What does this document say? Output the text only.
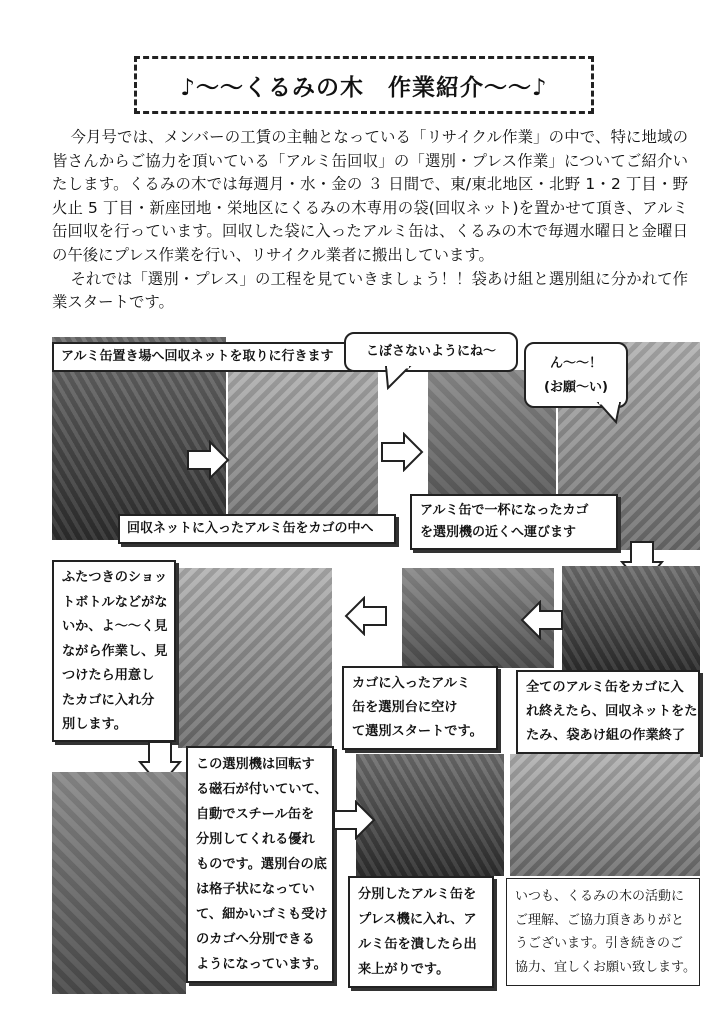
♪～～くるみの木　作業紹介～～♪

今月号では、メンバーの工賃の主軸となっている「リサイクル作業」の中で、特に地域の皆さんからご協力を頂いている「アルミ缶回収」の「選別・プレス作業」についてご紹介いたします。くるみの木では毎週月・水・金の ３ 日間で、東/東北地区・北野 1・2 丁目・野火止 5 丁目・新座団地・栄地区にくるみの木専用の袋(回収ネット)を置かせて頂き、アルミ缶回収を行っています。回収した袋に入ったアルミ缶は、くるみの木で毎週水曜日と金曜日の午後にプレス作業を行い、リサイクル業者に搬出しています。

それでは「選別・プレス」の工程を見ていきましょう！！袋あけ組と選別組に分かれて作業スタートです。

アルミ缶置き場へ回収ネットを取りに行きます	こぼさないようにね～
ん～～！
(お願～い)
回収ネットに入ったアルミ缶をカゴの中へ
アルミ缶で一杯になったカゴ
を選別機の近くへ運びます
ふたつきのショッ
トボトルなどがな
いか、よ～～く見
ながら作業し、見
つけたら用意し
たカゴに入れ分
別します。
カゴに入ったアルミ
缶を選別台に空け
て選別スタートです。
全てのアルミ缶をカゴに入
れ終えたら、回収ネットをた
たみ、袋あけ組の作業終了
この選別機は回転す
る磁石が付いていて、
自動でスチール缶を
分別してくれる優れ
ものです。選別台の底
は格子状になってい
て、細かいゴミも受け
のカゴへ分別できる
ようになっています。
分別したアルミ缶を
プレス機に入れ、ア
ルミ缶を潰したら出
来上がりです。
いつも、くるみの木の活動に
ご理解、ご協力頂きありがと
うございます。引き続きのご
協力、宜しくお願い致します。
